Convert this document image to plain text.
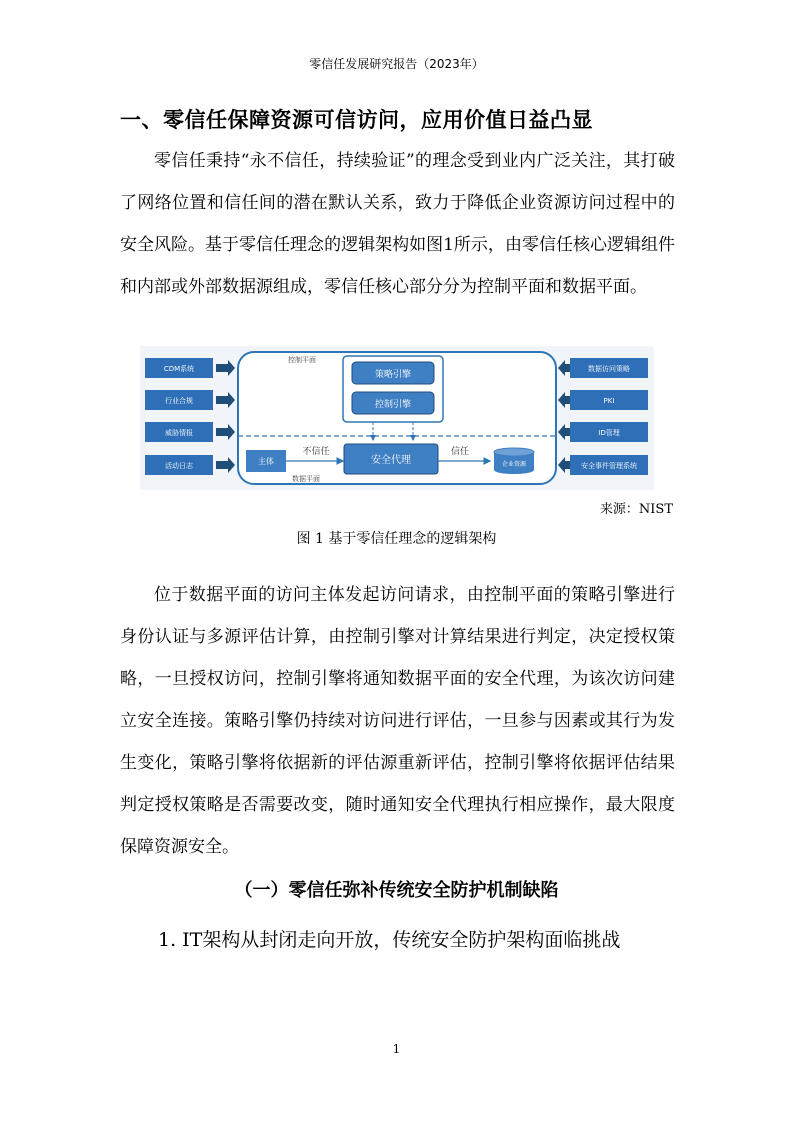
零信任发展研究报告（2023年）
一、零信任保障资源可信访问，应用价值日益凸显

零信任秉持“永不信任，持续验证”的理念受到业内广泛关注，其打破了网络位置和信任间的潜在默认关系，致力于降低企业资源访问过程中的安全风险。基于零信任理念的逻辑架构如图1所示，由零信任核心逻辑组件和内部或外部数据源组成，零信任核心部分分为控制平面和数据平面。

控制平面
数据平面
策略引擎
控制引擎
主体
不信任
安全代理
信任
企业资源
CDM系统
行业合规
威胁情报
活动日志
数据访问策略
PKI
ID管理
安全事件管理系统
来源：NIST
图 1 基于零信任理念的逻辑架构

位于数据平面的访问主体发起访问请求，由控制平面的策略引擎进行身份认证与多源评估计算，由控制引擎对计算结果进行判定，决定授权策略，一旦授权访问，控制引擎将通知数据平面的安全代理，为该次访问建立安全连接。策略引擎仍持续对访问进行评估，一旦参与因素或其行为发生变化，策略引擎将依据新的评估源重新评估，控制引擎将依据评估结果判定授权策略是否需要改变，随时通知安全代理执行相应操作，最大限度保障资源安全。

（一）零信任弥补传统安全防护机制缺陷

1. IT架构从封闭走向开放，传统安全防护架构面临挑战

1
